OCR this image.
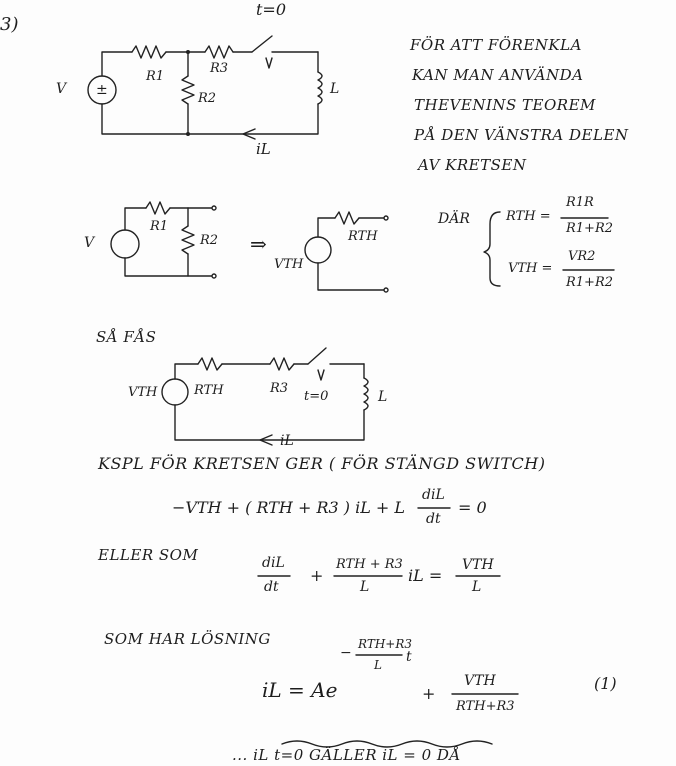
3)
t=0
V ±
R1
R2
R3
L
iL
FÖR ATT FÖRENKLA
KAN MAN ANVÄNDA
THEVENINS TEOREM
PÅ DEN VÄNSTRA DELEN
AV KRETSEN
V
R1
R2 ⇒
VTH
RTH
DÄR	RTH =
R1R
R1+R2
VTH =
VR2
R1+R2
SÅ FÅS
VTH	RTH	R3
t=0	L
iL
KSPL FÖR KRETSEN GER ( FÖR STÄNGD SWITCH)
−VTH + ( RTH + R3 ) iL + L
diL
dt
= 0
ELLER SOM	diL
dt
+
RTH + R3
L
iL =
VTH
L
SOM HAR LÖSNING
iL = Ae
−
RTH+R3
L t
+
VTH
RTH+R3
(1)
... iL t=0 GÄLLER iL = 0 DÅ
